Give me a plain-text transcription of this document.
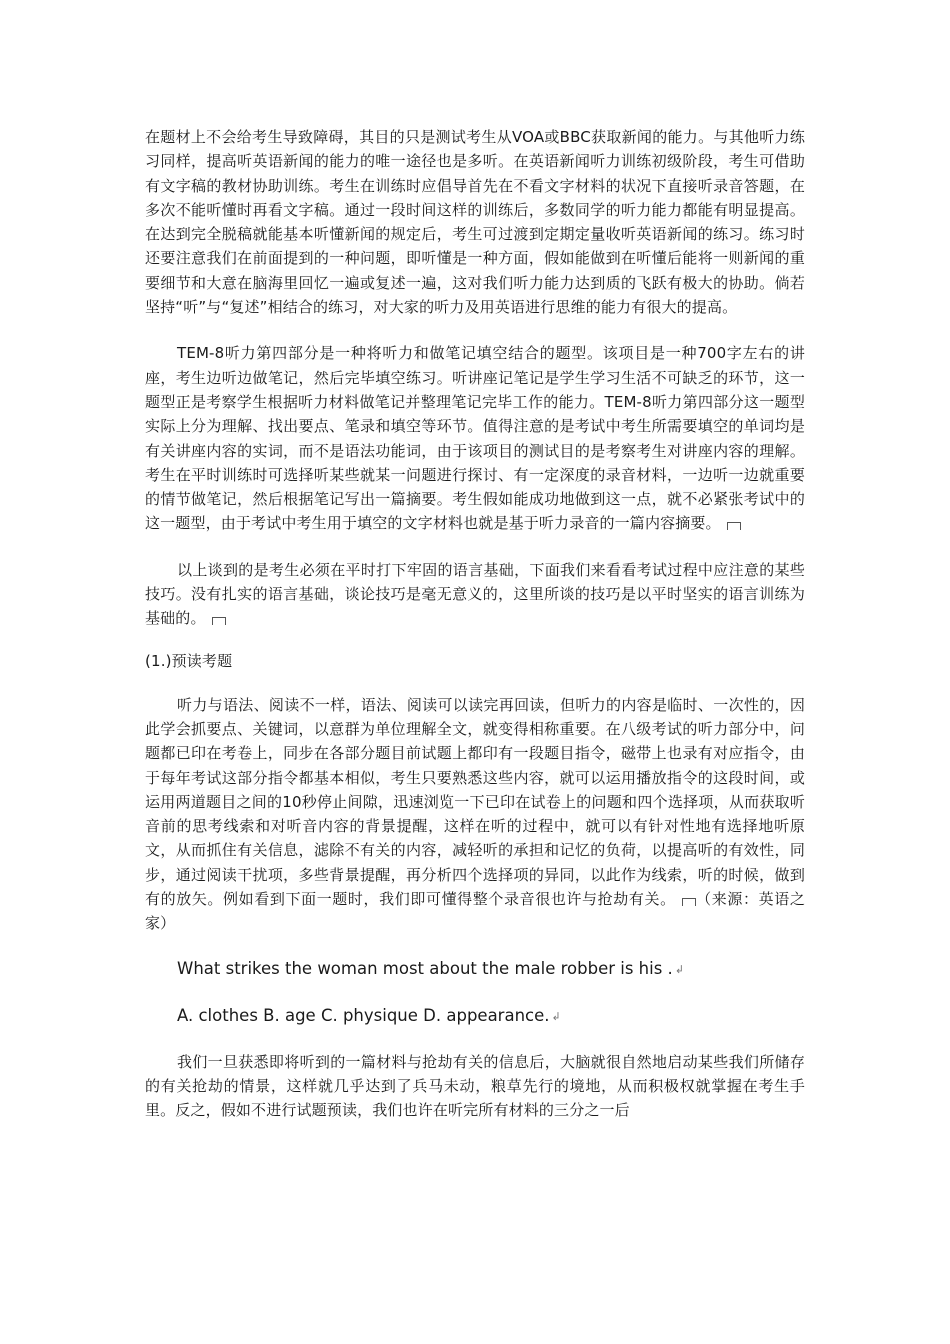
在题材上不会给考生导致障碍，其目的只是测试考生从VOA或BBC获取新闻的能力。与其他听力练习同样，提高听英语新闻的能力的唯一途径也是多听。在英语新闻听力训练初级阶段，考生可借助有文字稿的教材协助训练。考生在训练时应倡导首先在不看文字材料的状况下直接听录音答题，在多次不能听懂时再看文字稿。通过一段时间这样的训练后，多数同学的听力能力都能有明显提高。在达到完全脱稿就能基本听懂新闻的规定后，考生可过渡到定期定量收听英语新闻的练习。练习时还要注意我们在前面提到的一种问题，即听懂是一种方面，假如能做到在听懂后能将一则新闻的重要细节和大意在脑海里回忆一遍或复述一遍，这对我们听力能力达到质的飞跃有极大的协助。倘若坚持“听”与“复述”相结合的练习，对大家的听力及用英语进行思维的能力有很大的提高。

TEM-8听力第四部分是一种将听力和做笔记填空结合的题型。该项目是一种700字左右的讲座，考生边听边做笔记，然后完毕填空练习。听讲座记笔记是学生学习生活不可缺乏的环节，这一题型正是考察学生根据听力材料做笔记并整理笔记完毕工作的能力。TEM-8听力第四部分这一题型实际上分为理解、找出要点、笔录和填空等环节。值得注意的是考试中考生所需要填空的单词均是有关讲座内容的实词，而不是语法功能词，由于该项目的测试目的是考察考生对讲座内容的理解。考生在平时训练时可选择听某些就某一问题进行探讨、有一定深度的录音材料，一边听一边就重要的情节做笔记，然后根据笔记写出一篇摘要。考生假如能成功地做到这一点，就不必紧张考试中的这一题型，由于考试中考生用于填空的文字材料也就是基于听力录音的一篇内容摘要。

以上谈到的是考生必须在平时打下牢固的语言基础，下面我们来看看考试过程中应注意的某些技巧。没有扎实的语言基础，谈论技巧是毫无意义的，这里所谈的技巧是以平时坚实的语言训练为基础的。

(1.)预读考题

听力与语法、阅读不一样，语法、阅读可以读完再回读，但听力的内容是临时、一次性的，因此学会抓要点、关键词，以意群为单位理解全文，就变得相称重要。在八级考试的听力部分中，问题都已印在考卷上，同步在各部分题目前试题上都印有一段题目指令，磁带上也录有对应指令，由于每年考试这部分指令都基本相似，考生只要熟悉这些内容，就可以运用播放指令的这段时间，或运用两道题目之间的10秒停止间隙，迅速浏览一下已印在试卷上的问题和四个选择项，从而获取听音前的思考线索和对听音内容的背景提醒，这样在听的过程中，就可以有针对性地有选择地听原文，从而抓住有关信息，滤除不有关的内容，减轻听的承担和记忆的负荷，以提高听的有效性，同步，通过阅读干扰项，多些背景提醒，再分析四个选择项的异同，以此作为线索，听的时候，做到有的放矢。例如看到下面一题时，我们即可懂得整个录音很也许与抢劫有关。 （来源：英语之家）

What strikes the woman most about the male robber is his . ↲

A. clothes B. age C. physique D. appearance. ↲

我们一旦获悉即将听到的一篇材料与抢劫有关的信息后，大脑就很自然地启动某些我们所储存的有关抢劫的情景，这样就几乎达到了兵马未动，粮草先行的境地，从而积极权就掌握在考生手里。反之，假如不进行试题预读，我们也许在听完所有材料的三分之一后
